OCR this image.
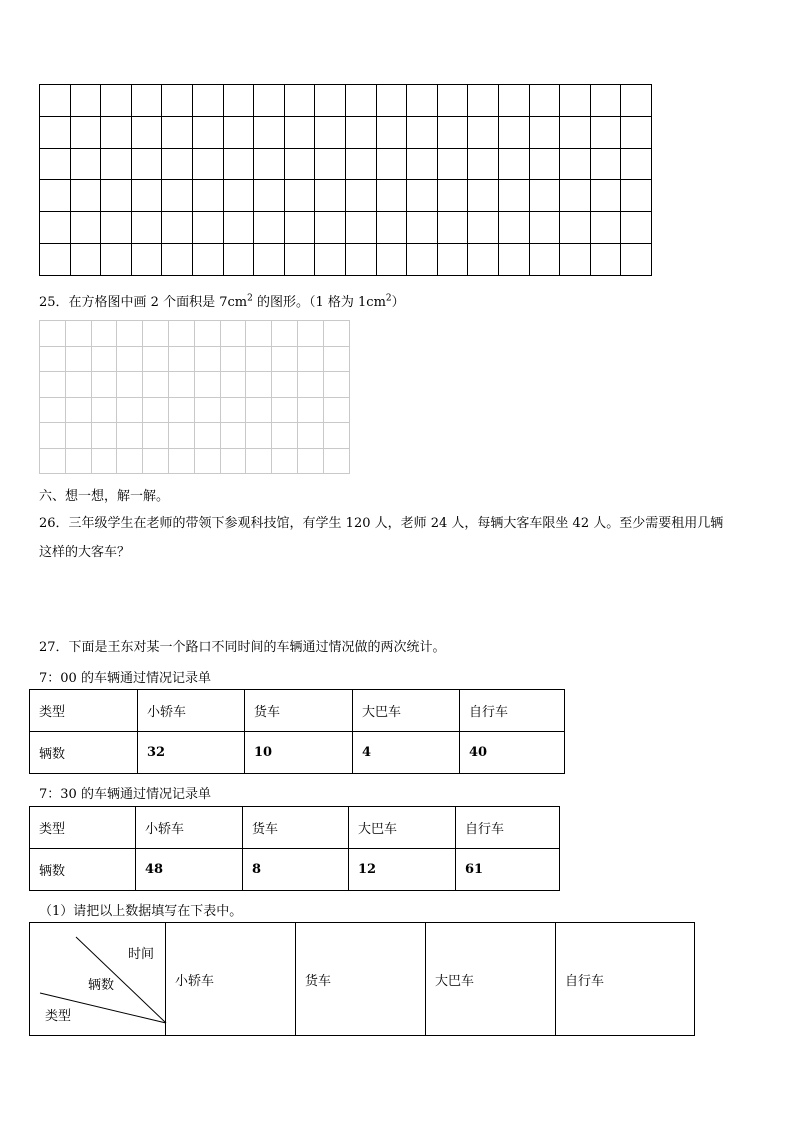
25．在方格图中画 2 个面积是 $7cm^2$ 的图形。（1 格为 $1cm^2$）

六、想一想，解一解。
26．三年级学生在老师的带领下参观科技馆，有学生 120 人，老师 24 人，每辆大客车限坐 42 人。至少需要租用几辆
这样的大客车？
27．下面是王东对某一个路口不同时间的车辆通过情况做的两次统计。
7：00 的车辆通过情况记录单
类型	小轿车	货车	大巴车	自行车
辆数	32	10	4	40
7：30 的车辆通过情况记录单
类型	小轿车	货车	大巴车	自行车
辆数	48	8	12	61
（1）请把以上数据填写在下表中。
时间
辆数
类型
	小轿车	货车	大巴车	自行车
